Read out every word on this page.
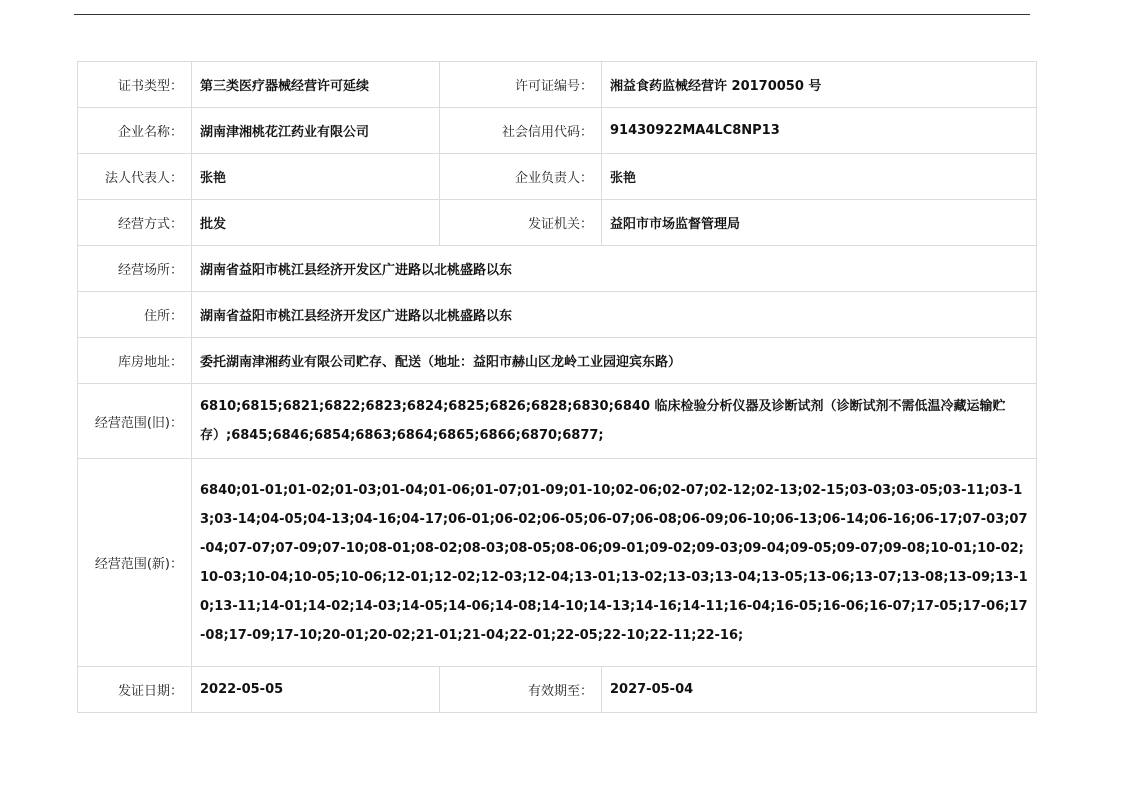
证书类型：	第三类医疗器械经营许可延续	许可证编号：	湘益食药监械经营许 20170050 号
企业名称：	湖南津湘桃花江药业有限公司	社会信用代码：	91430922MA4LC8NP13
法人代表人：	张艳	企业负责人：	张艳
经营方式：	批发	发证机关：	益阳市市场监督管理局
经营场所：	湖南省益阳市桃江县经济开发区广进路以北桃盛路以东		
住所：	湖南省益阳市桃江县经济开发区广进路以北桃盛路以东		
库房地址：	委托湖南津湘药业有限公司贮存、配送（地址：益阳市赫山区龙岭工业园迎宾东路）		
经营范围(旧)：	6810;6815;6821;6822;6823;6824;6825;6826;6828;6830;6840 临床检验分析仪器及诊断试剂（诊断试剂不需低温冷藏运输贮存）;6845;6846;6854;6863;6864;6865;6866;6870;6877;		
经营范围(新)：	6840;01-01;01-02;01-03;01-04;01-06;01-07;01-09;01-10;02-06;02-07;02-12;02-13;02-15;03-03;03-05;03-11;03-13;03-14;04-05;04-13;04-16;04-17;06-01;06-02;06-05;06-07;06-08;06-09;06-10;06-13;06-14;06-16;06-17;07-03;07-04;07-07;07-09;07-10;08-01;08-02;08-03;08-05;08-06;09-01;09-02;09-03;09-04;09-05;09-07;09-08;10-01;10-02;10-03;10-04;10-05;10-06;12-01;12-02;12-03;12-04;13-01;13-02;13-03;13-04;13-05;13-06;13-07;13-08;13-09;13-10;13-11;14-01;14-02;14-03;14-05;14-06;14-08;14-10;14-13;14-16;14-11;16-04;16-05;16-06;16-07;17-05;17-06;17-08;17-09;17-10;20-01;20-02;21-01;21-04;22-01;22-05;22-10;22-11;22-16;		
发证日期：	2022-05-05	有效期至：	2027-05-04
